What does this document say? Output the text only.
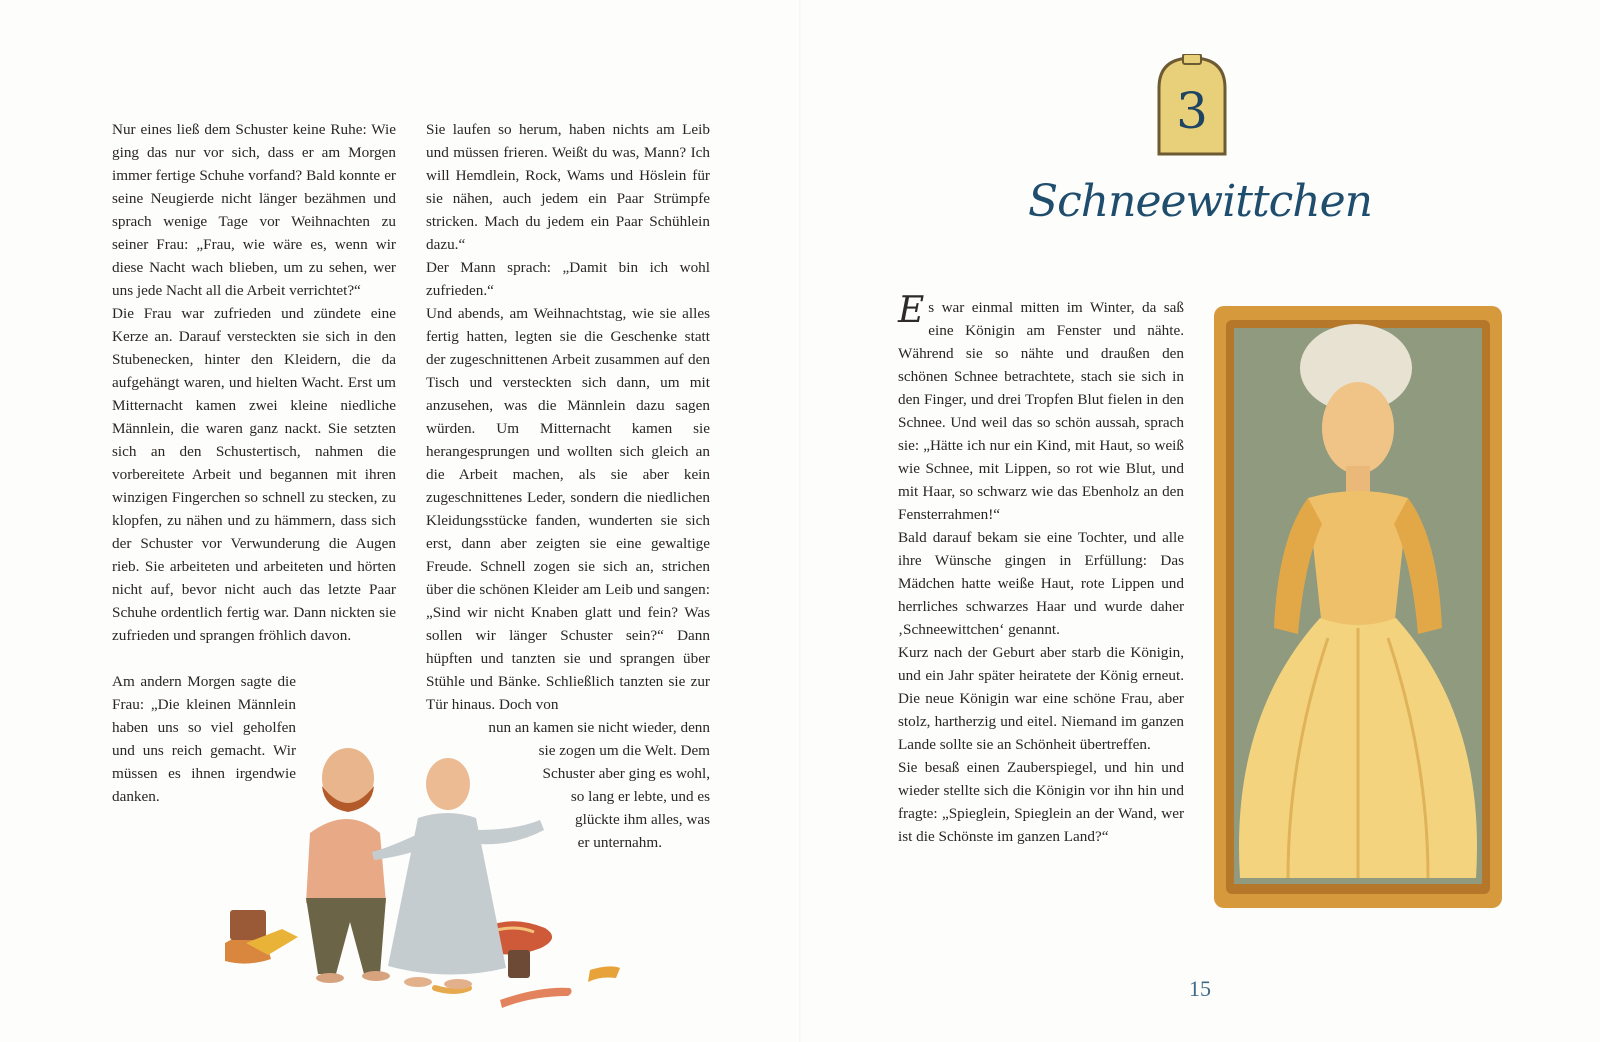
Nur eines ließ dem Schuster keine Ruhe: Wie ging das nur vor sich, dass er am Morgen immer fertige Schuhe vorfand? Bald konnte er seine Neugierde nicht länger bezähmen und sprach wenige Tage vor Weihnachten zu seiner Frau: „Frau, wie wäre es, wenn wir diese Nacht wach blieben, um zu sehen, wer uns jede Nacht all die Arbeit verrichtet?“

Die Frau war zufrieden und zündete eine Kerze an. Darauf versteckten sie sich in den Stubenecken, hinter den Kleidern, die da aufgehängt waren, und hielten Wacht. Erst um Mitternacht kamen zwei kleine niedliche Männlein, die waren ganz nackt. Sie setzten sich an den Schustertisch, nahmen die vorbereitete Arbeit und begannen mit ihren winzigen Fingerchen so schnell zu stecken, zu klopfen, zu nähen und zu hämmern, dass sich der Schuster vor Verwunderung die Augen rieb. Sie arbeiteten und arbeiteten und hörten nicht auf, bevor nicht auch das letzte Paar Schuhe ordentlich fertig war. Dann nickten sie zufrieden und sprangen fröhlich davon.

Am andern Morgen sagte die Frau: „Die kleinen Männlein haben uns so viel geholfen und uns reich gemacht. Wir müssen es ihnen irgendwie danken.

Sie laufen so herum, haben nichts am Leib und müssen frieren. Weißt du was, Mann? Ich will Hemdlein, Rock, Wams und Höslein für sie nähen, auch jedem ein Paar Strümpfe stricken. Mach du jedem ein Paar Schühlein dazu.“

Der Mann sprach: „Damit bin ich wohl zufrieden.“

Und abends, am Weihnachtstag, wie sie alles fertig hatten, legten sie die Geschenke statt der zugeschnittenen Arbeit zusammen auf den Tisch und versteckten sich dann, um mit anzusehen, was die Männlein dazu sagen würden. Um Mitternacht kamen sie herangesprungen und wollten sich gleich an die Arbeit machen, als sie aber kein zugeschnittenes Leder, sondern die niedlichen Kleidungsstücke fanden, wunderten sie sich erst, dann aber zeigten sie eine gewaltige Freude. Schnell zogen sie sich an, strichen über die schönen Kleider am Leib und sangen: „Sind wir nicht Knaben glatt und fein? Was sollen wir länger Schuster sein?“ Dann hüpften und tanzten sie und sprangen über Stühle und Bänke. Schließlich tanzten sie zur Tür hinaus. Doch von

nun an kamen sie nicht wieder, denn

sie zogen um die Welt. Dem

Schuster aber ging es wohl,

so lang er lebte, und es

glückte ihm alles, was

er unternahm.

3
Schneewittchen

Es war einmal mitten im Winter, da saß eine Königin am Fenster und nähte. Während sie so nähte und draußen den schönen Schnee betrachtete, stach sie sich in den Finger, und drei Tropfen Blut fielen in den Schnee. Und weil das so schön aussah, sprach sie: „Hätte ich nur ein Kind, mit Haut, so weiß wie Schnee, mit Lippen, so rot wie Blut, und mit Haar, so schwarz wie das Ebenholz an den Fensterrahmen!“

Bald darauf bekam sie eine Tochter, und alle ihre Wünsche gingen in Erfüllung: Das Mädchen hatte weiße Haut, rote Lippen und herrliches schwarzes Haar und wurde daher ‚Schneewittchen‘ genannt.

Kurz nach der Geburt aber starb die Königin, und ein Jahr später heiratete der König erneut. Die neue Königin war eine schöne Frau, aber stolz, hartherzig und eitel. Niemand im ganzen Lande sollte sie an Schönheit übertreffen.

Sie besaß einen Zauberspiegel, und hin und wieder stellte sich die Königin vor ihn hin und fragte: „Spieglein, Spieglein an der Wand, wer ist die Schönste im ganzen Land?“

15
